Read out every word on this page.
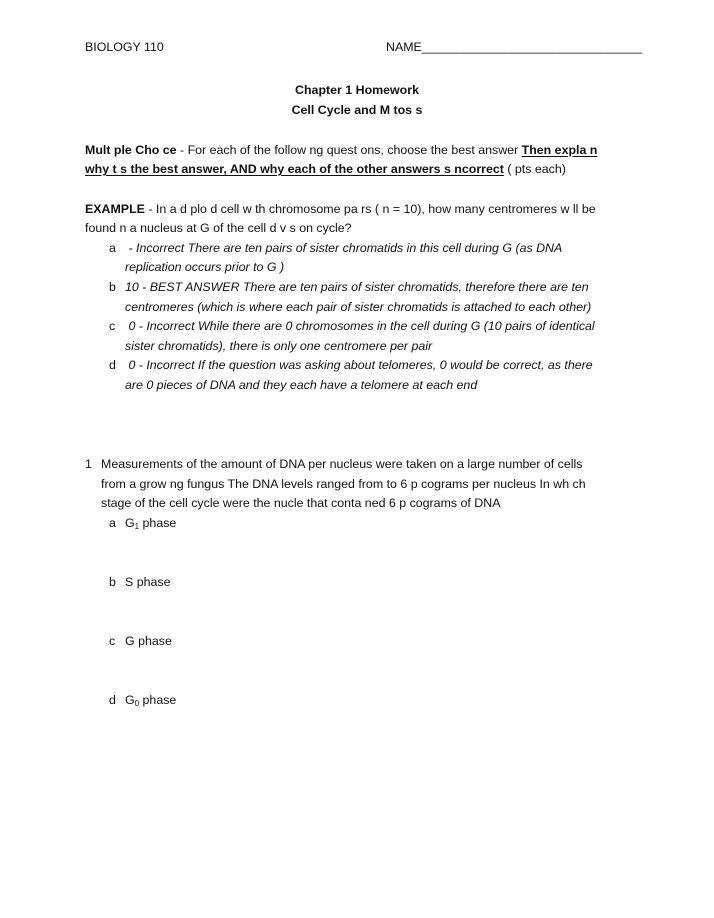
BIOLOGY 110	NAME________________________________
Chapter 1 Homework
Cell Cycle and M tos s
Mult ple Cho ce - For each of the follow ng quest ons, choose the best answer Then expla n
why t s the best answer, AND why each of the other answers s ncorrect ( pts each)
EXAMPLE - In a d plo d cell w th chromosome pa rs ( n = 10), how many centromeres w ll be
found n a nucleus at G of the cell d v s on cycle?
a - Incorrect There are ten pairs of sister chromatids in this cell during G (as DNA
replication occurs prior to G )
b 10 - BEST ANSWER There are ten pairs of sister chromatids, therefore there are ten
centromeres (which is where each pair of sister chromatids is attached to each other)
c 0 - Incorrect While there are 0 chromosomes in the cell during G (10 pairs of identical
sister chromatids), there is only one centromere per pair
d 0 - Incorrect If the question was asking about telomeres, 0 would be correct, as there
are 0 pieces of DNA and they each have a telomere at each end
1 Measurements of the amount of DNA per nucleus were taken on a large number of cells
from a grow ng fungus The DNA levels ranged from to 6 p cograms per nucleus In wh ch
stage of the cell cycle were the nucle that conta ned 6 p cograms of DNA
a $G_1$ phase
b S phase
c G phase
d $G_0$ phase
